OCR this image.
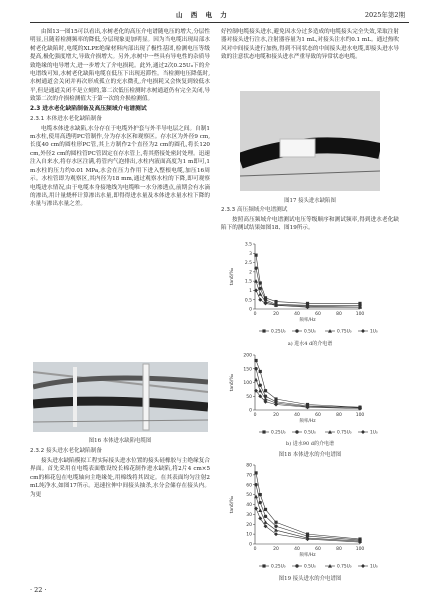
山 西 电 力	2025年第2期

由图13一图15可以看出,水树老化的高压介电谱随电压的增大,分层性明显,且随着检测频率的降低,分层现象更加明显。因为当电缆出现局部水树老化缺陷时,电缆的XLPE绝缘材料内部出现了极性基团,检测电压等级提高,极化强度增大,导致介损增大。另外,水树中一些具有导电性的杂质导致绝缘的电导增大,进一步增大了介电损耗。此外,通过2次0.25U₀下的介电谱线可知,水树老化缺陷电缆在低压下出现迟滞性。当检测电压降低时,水树通道会关闭并再次形成孤立的充水微孔,介电损耗又会恢复到较低水平,但是通道关闭不是立刻的,第二次低压检测时水树通道仍有完全关闭,导致第二次的介损检测值大于第一次的介损检测值。

2.3 进水老化缺陷制备及高压频域介电谱测试
2.3.1 本体进水老化缺陷制备

电缆本体进水缺陷,水分存在于电缆外护套与外半导电层之间。自制1 m水柱,使用高透明PC管制作,分为存水区和观察区。存水区为外径9 cm,长度40 cm的圆柱形PC管,其上方制作2个直径为2 cm的圆孔,将长120 cm,外径2 cm的圆柱管PC管固定在存水管上,将其搭接处密封处理。迅速注入自来水,将存水区注满,将管内气泡排出,水柱内液面高度为1 m即可,1 m水柱的压力约0.01 MPa,水会在压力作用下进入整根电缆,加压16周示。水柱管即为观察区,其内径为18 mm,通过观察水柱的下降,即可观察电缆进水情况,由于电缆本身接地线为电缆唯一水分渗透点,前期会有水滴的渗出,用计量烧杯计算渗出水量,即得得进水量及本体进水量水柱下降的水量与渗出水量之差。

图16 本体进水缺陷电缆图
2.3.2 接头进水老化缺陷制备

接头进水缺陷模拟工程实际接头进水位置的接头硅橡胶与主绝缘复合界面。首先采用在电缆表面敷设绞长棉花制作进水缺陷,将2片4 cm×5 cm的棉花包在电缆轴向主绝缘处,用棉线将其固定。在其表面均匀注射2 mL纯净水,如图17所示。迅速拉伸中间接头抽杀,水分会储存在接头内。为更

· 22 ·

好控制电缆接头进水,避免因水分过多造成的电缆接头完全失效,采取注射器对接头进行注水,注射器容量为1 mL,对接头注水约0.1 mL。通过热吹风对中间接头进行加热,得到不同状态的中间接头进水电缆,即接头进水导致的注意状态电缆和接头进水严重导致的异常状态电缆。

图17 接头进水缺陷图
2.3.3 高压频域介电谱测试

按照高压频域介电谱测试电压等级顺序和测试频率,得到进水老化缺陷下的测试结果如图18、图19所示。

0
0.5
1
1.5
2
2.5
3
3.5
0	20	40	60	80	100
tanδ/‰
频率/Hz
0.25U₀	0.5U₀	0.75U₀	1U₀
a) 进水4 d的介电谱
0
50
100
150
200
0	20	40	60	80	100
tanδ/‰
频率/Hz
0.25U₀	0.5U₀	0.75U₀	1U₀
b) 进水90 d的介电谱
图18 本体进水的介电谱图
0
10
20
30
40
50
60
70
80
0	20	40	60	80	100
tanδ/‰
频率/Hz
0.25U₀	0.5U₀	0.75U₀	1U₀
图19 接头进水的介电谱图
